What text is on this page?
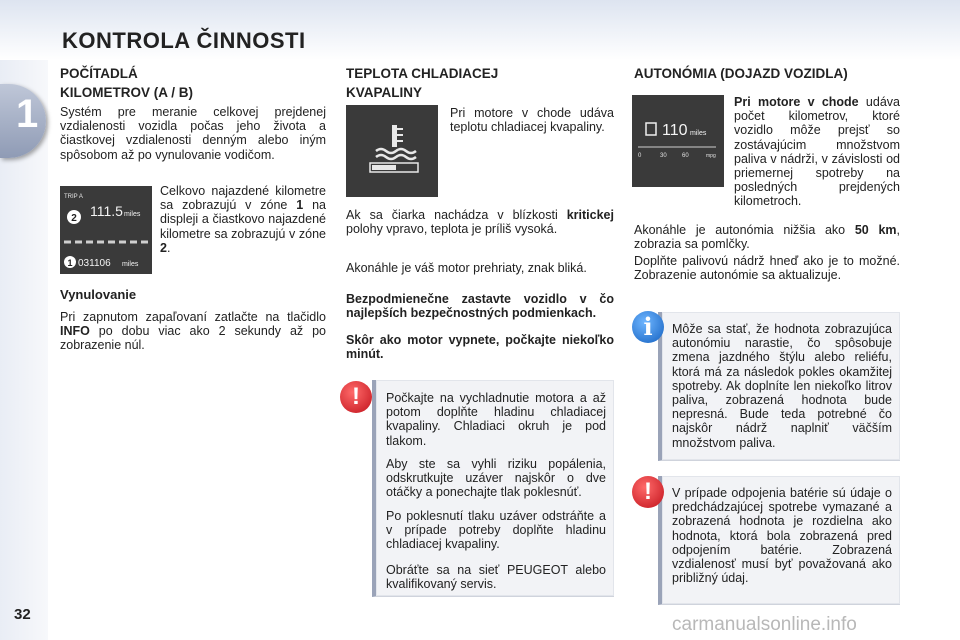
KONTROLA ČINNOSTI
1
32
POČÍTADLÁ
KILOMETROV (A / B)
Systém pre meranie celkovej prejdenej vzdialenosti vozidla počas jeho života a čiastkovej vzdialenosti denným alebo iným spôsobom až po vynulovanie vodičom.
TRIP A
2 111.5 miles
1 031106 miles
Celkovo najazdené kilometre sa zobrazujú v zóne 1 na displeji a čiastkovo najazdené kilometre sa zobrazujú v zóne 2.
Vynulovanie
Pri zapnutom zapaľovaní zatlačte na tlačidlo INFO po dobu viac ako 2 sekundy až po zobrazenie núl.
TEPLOTA CHLADIACEJ
KVAPALINY
Pri motore v chode udáva teplotu chladiacej kvapaliny.
Ak sa čiarka nachádza v blízkosti kritickej polohy vpravo, teplota je príliš vysoká.
Akonáhle je váš motor prehriaty, znak bliká.
Bezpodmienečne zastavte vozidlo v čo najlepších bezpečnostných podmienkach.
Skôr ako motor vypnete, počkajte niekoľko minút.
!	Počkajte na vychladnutie motora a až potom doplňte hladinu chladiacej kvapaliny. Chladiaci okruh je pod tlakom.
Aby ste sa vyhli riziku popálenia, odskrutkujte uzáver najskôr o dve otáčky a ponechajte tlak poklesnúť.
Po poklesnutí tlaku uzáver odstráňte a v prípade potreby doplňte hladinu chladiacej kvapaliny.
Obráťte sa na sieť PEUGEOT alebo kvalifikovaný servis.
AUTONÓMIA (DOJAZD VOZIDLA)
110 miles
0	30	60	mpg
Pri motore v chode udáva počet kilometrov, ktoré vozidlo môže prejsť so zostávajúcim množstvom paliva v nádrži, v závislosti od priemernej spotreby na posledných prejdených kilometroch.
Akonáhle je autonómia nižšia ako 50 km, zobrazia sa pomlčky.
Doplňte palivovú nádrž hneď ako je to možné. Zobrazenie autonómie sa aktualizuje.
i	Môže sa stať, že hodnota zobrazujúca autonómiu narastie, čo spôsobuje zmena jazdného štýlu alebo reliéfu, ktorá má za následok pokles okamžitej spotreby. Ak doplníte len niekoľko litrov paliva, zobrazená hodnota bude nepresná. Bude teda potrebné čo najskôr nádrž naplniť väčším množstvom paliva.
!	V prípade odpojenia batérie sú údaje o predchádzajúcej spotrebe vymazané a zobrazená hodnota je rozdielna ako hodnota, ktorá bola zobrazená pred odpojením batérie. Zobrazená vzdialenosť musí byť považovaná ako približný údaj.
carmanualsonline.info
